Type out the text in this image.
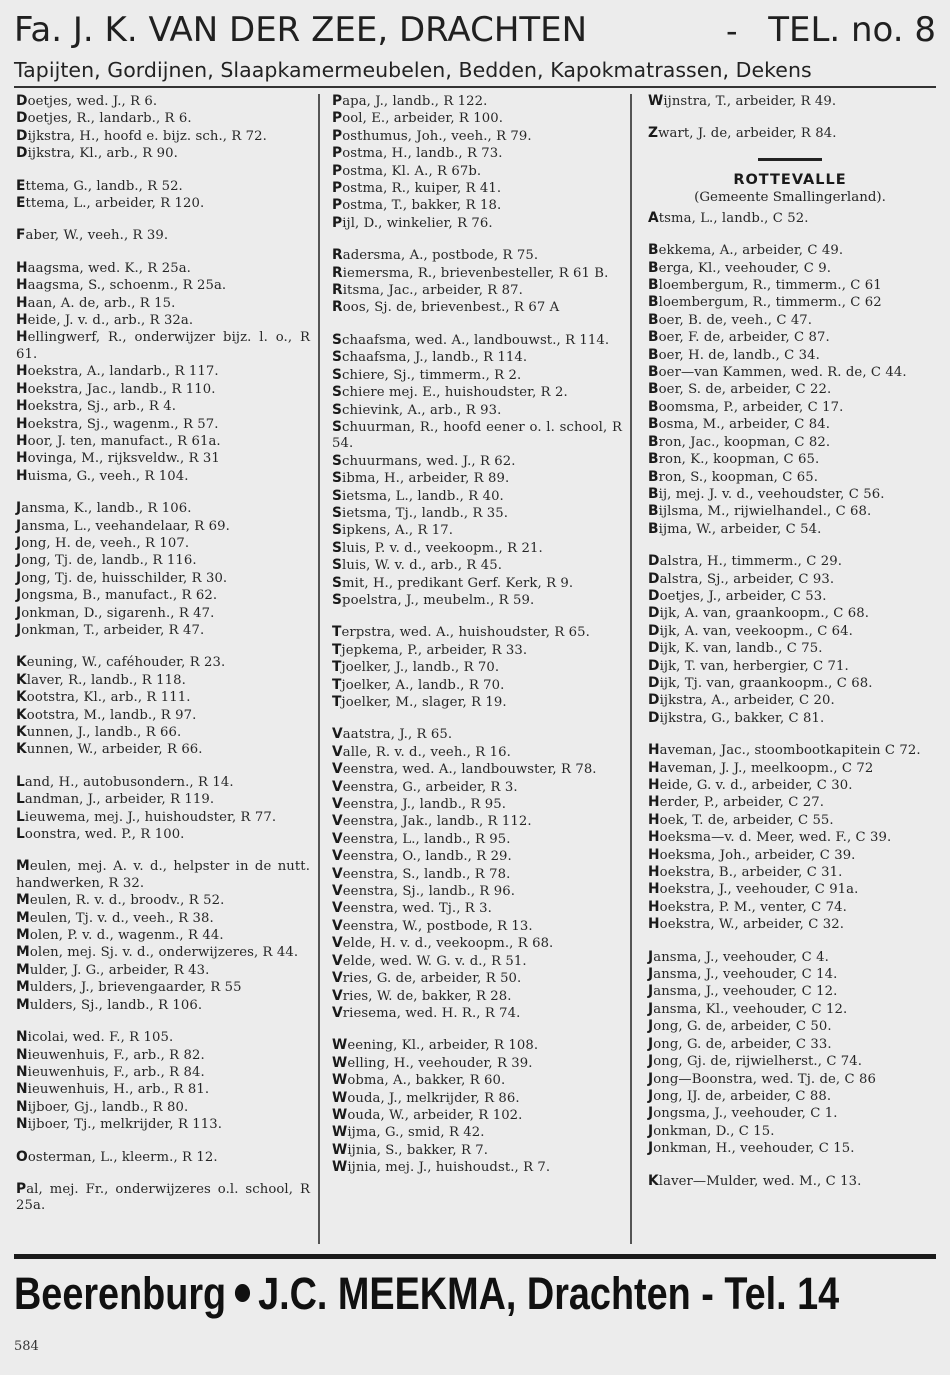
Fa. J. K. VAN DER ZEE, DRACHTEN	- TEL. no. 8
Tapijten, Gordijnen, Slaapkamermeubelen, Bedden, Kapokmatrassen, Dekens
Doetjes, wed. J., R 6.
Doetjes, R., landarb., R 6.
Dijkstra, H., hoofd e. bijz. sch., R 72.
Dijkstra, Kl., arb., R 90.
Ettema, G., landb., R 52.
Ettema, L., arbeider, R 120.
Faber, W., veeh., R 39.
Haagsma, wed. K., R 25a.
Haagsma, S., schoenm., R 25a.
Haan, A. de, arb., R 15.
Heide, J. v. d., arb., R 32a.
Hellingwerf, R., onderwijzer bijz. l. o., R 61.
Hoekstra, A., landarb., R 117.
Hoekstra, Jac., landb., R 110.
Hoekstra, Sj., arb., R 4.
Hoekstra, Sj., wagenm., R 57.
Hoor, J. ten, manufact., R 61a.
Hovinga, M., rijksveldw., R 31
Huisma, G., veeh., R 104.
Jansma, K., landb., R 106.
Jansma, L., veehandelaar, R 69.
Jong, H. de, veeh., R 107.
Jong, Tj. de, landb., R 116.
Jong, Tj. de, huisschilder, R 30.
Jongsma, B., manufact., R 62.
Jonkman, D., sigarenh., R 47.
Jonkman, T., arbeider, R 47.
Keuning, W., caféhouder, R 23.
Klaver, R., landb., R 118.
Kootstra, Kl., arb., R 111.
Kootstra, M., landb., R 97.
Kunnen, J., landb., R 66.
Kunnen, W., arbeider, R 66.
Land, H., autobusondern., R 14.
Landman, J., arbeider, R 119.
Lieuwema, mej. J., huishoudster, R 77.
Loonstra, wed. P., R 100.
Meulen, mej. A. v. d., helpster in de nutt. handwerken, R 32.
Meulen, R. v. d., broodv., R 52.
Meulen, Tj. v. d., veeh., R 38.
Molen, P. v. d., wagenm., R 44.
Molen, mej. Sj. v. d., onderwijzeres, R 44.
Mulder, J. G., arbeider, R 43.
Mulders, J., brievengaarder, R 55
Mulders, Sj., landb., R 106.
Nicolai, wed. F., R 105.
Nieuwenhuis, F., arb., R 82.
Nieuwenhuis, F., arb., R 84.
Nieuwenhuis, H., arb., R 81.
Nijboer, Gj., landb., R 80.
Nijboer, Tj., melkrijder, R 113.
Oosterman, L., kleerm., R 12.
Pal, mej. Fr., onderwijzeres o.l. school, R 25a.
Papa, J., landb., R 122.
Pool, E., arbeider, R 100.
Posthumus, Joh., veeh., R 79.
Postma, H., landb., R 73.
Postma, Kl. A., R 67b.
Postma, R., kuiper, R 41.
Postma, T., bakker, R 18.
Pijl, D., winkelier, R 76.
Radersma, A., postbode, R 75.
Riemersma, R., brievenbesteller, R 61 B.
Ritsma, Jac., arbeider, R 87.
Roos, Sj. de, brievenbest., R 67 A
Schaafsma, wed. A., landbouwst., R 114.
Schaafsma, J., landb., R 114.
Schiere, Sj., timmerm., R 2.
Schiere mej. E., huishoudster, R 2.
Schievink, A., arb., R 93.
Schuurman, R., hoofd eener o. l. school, R 54.
Schuurmans, wed. J., R 62.
Sibma, H., arbeider, R 89.
Sietsma, L., landb., R 40.
Sietsma, Tj., landb., R 35.
Sipkens, A., R 17.
Sluis, P. v. d., veekoopm., R 21.
Sluis, W. v. d., arb., R 45.
Smit, H., predikant Gerf. Kerk, R 9.
Spoelstra, J., meubelm., R 59.
Terpstra, wed. A., huishoudster, R 65.
Tjepkema, P., arbeider, R 33.
Tjoelker, J., landb., R 70.
Tjoelker, A., landb., R 70.
Tjoelker, M., slager, R 19.
Vaatstra, J., R 65.
Valle, R. v. d., veeh., R 16.
Veenstra, wed. A., landbouwster, R 78.
Veenstra, G., arbeider, R 3.
Veenstra, J., landb., R 95.
Veenstra, Jak., landb., R 112.
Veenstra, L., landb., R 95.
Veenstra, O., landb., R 29.
Veenstra, S., landb., R 78.
Veenstra, Sj., landb., R 96.
Veenstra, wed. Tj., R 3.
Veenstra, W., postbode, R 13.
Velde, H. v. d., veekoopm., R 68.
Velde, wed. W. G. v. d., R 51.
Vries, G. de, arbeider, R 50.
Vries, W. de, bakker, R 28.
Vriesema, wed. H. R., R 74.
Weening, Kl., arbeider, R 108.
Welling, H., veehouder, R 39.
Wobma, A., bakker, R 60.
Wouda, J., melkrijder, R 86.
Wouda, W., arbeider, R 102.
Wijma, G., smid, R 42.
Wijnia, S., bakker, R 7.
Wijnia, mej. J., huishoudst., R 7.
Wijnstra, T., arbeider, R 49.
Zwart, J. de, arbeider, R 84.
ROTTEVALLE
(Gemeente Smallingerland).
Atsma, L., landb., C 52.
Bekkema, A., arbeider, C 49.
Berga, Kl., veehouder, C 9.
Bloembergum, R., timmerm., C 61
Bloembergum, R., timmerm., C 62
Boer, B. de, veeh., C 47.
Boer, F. de, arbeider, C 87.
Boer, H. de, landb., C 34.
Boer—van Kammen, wed. R. de, C 44.
Boer, S. de, arbeider, C 22.
Boomsma, P., arbeider, C 17.
Bosma, M., arbeider, C 84.
Bron, Jac., koopman, C 82.
Bron, K., koopman, C 65.
Bron, S., koopman, C 65.
Bij, mej. J. v. d., veehoudster, C 56.
Bijlsma, M., rijwielhandel., C 68.
Bijma, W., arbeider, C 54.
Dalstra, H., timmerm., C 29.
Dalstra, Sj., arbeider, C 93.
Doetjes, J., arbeider, C 53.
Dijk, A. van, graankoopm., C 68.
Dijk, A. van, veekoopm., C 64.
Dijk, K. van, landb., C 75.
Dijk, T. van, herbergier, C 71.
Dijk, Tj. van, graankoopm., C 68.
Dijkstra, A., arbeider, C 20.
Dijkstra, G., bakker, C 81.
Haveman, Jac., stoombootkapitein C 72.
Haveman, J. J., meelkoopm., C 72
Heide, G. v. d., arbeider, C 30.
Herder, P., arbeider, C 27.
Hoek, T. de, arbeider, C 55.
Hoeksma—v. d. Meer, wed. F., C 39.
Hoeksma, Joh., arbeider, C 39.
Hoekstra, B., arbeider, C 31.
Hoekstra, J., veehouder, C 91a.
Hoekstra, P. M., venter, C 74.
Hoekstra, W., arbeider, C 32.
Jansma, J., veehouder, C 4.
Jansma, J., veehouder, C 14.
Jansma, J., veehouder, C 12.
Jansma, Kl., veehouder, C 12.
Jong, G. de, arbeider, C 50.
Jong, G. de, arbeider, C 33.
Jong, Gj. de, rijwielherst., C 74.
Jong—Boonstra, wed. Tj. de, C 86
Jong, IJ. de, arbeider, C 88.
Jongsma, J., veehouder, C 1.
Jonkman, D., C 15.
Jonkman, H., veehouder, C 15.
Klaver—Mulder, wed. M., C 13.
Beerenburg J.C. MEEKMA, Drachten - Tel. 14
584
